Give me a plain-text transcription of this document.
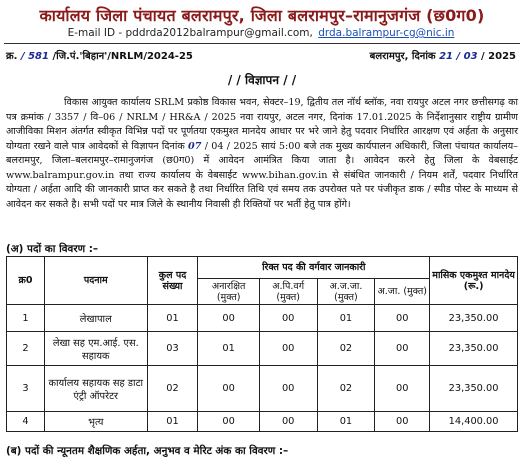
कार्यालय जिला पंचायत बलरामपुर, जिला बलरामपुर–रामानुजगंज (छ0ग0)
E-mail ID - pddrda2012balrampur@gmail.com, drda.balrampur-cg@nic.in
क्र. / 581 /जि.पं.'बिहान'/NRLM/2024-25	बलरामपुर, दिनांक 21 / 03 / 2025
/ / विज्ञापन / /
विकास आयुक्त कार्यालय SRLM प्रकोष्ठ विकास भवन, सेक्टर–19, द्वितीय तल नॉर्थ ब्लॉक, नवा रायपुर अटल नगर छत्तीसगढ़ का पत्र क्रमांक / 3357 / वि–06 / NRLM / HR&A / 2025 नवा रायपुर, अटल नगर, दिनांक 17.01.2025 के निर्देशानुसार राष्ट्रीय ग्रामीण आजीविका मिशन अंतर्गत स्वीकृत विभिन्न पदों पर पूर्णतया एकमुश्त मानदेय आधार पर भरे जाने हेतु पदवार निर्धारित आरक्षण एवं अर्हता के अनुसार योग्यता रखने वाले पात्र आवेदकों से विज्ञापन दिनांक 07 / 04 / 2025 सायं 5:00 बजे तक मुख्य कार्यपालन अधिकारी, जिला पंचायत कार्यालय– बलरामपुर, जिला–बलरामपुर–रामानुजगंज (छ0ग0) में आवेदन आमंत्रित किया जाता है। आवेदन करने हेतु जिला के वेबसाईट www.balrampur.gov.in तथा राज्य कार्यालय के वेबसाईट www.bihan.gov.in से संबंधित जानकारी / नियम शर्तें, पदवार निर्धारित योग्यता / अर्हता आदि की जानकारी प्राप्त कर सकते है तथा निर्धारित तिथि एवं समय तक उपरोक्त पते पर पंजीकृत डाक / स्पीड पोस्ट के माध्यम से आवेदन कर सकते है। सभी पदों पर मात्र जिले के स्थानीय निवासी ही रिक्तियों पर भर्ती हेतु पात्र होंगे।
(अ) पदों का विवरण :–
क्र0	पदनाम	कुल पद संख्या	रिक्त पद की वर्गवार जानकारी				मासिक एकमुश्त मानदेय (रू.)
			अनारक्षित (मुक्त)	अ.पि.वर्ग (मुक्त)	अ.ज.जा. (मुक्त)	अ.जा. (मुक्त)	
1	लेखापाल	01	00	00	01	00	23,350.00
2	लेखा सह एम.आई. एस. सहायक	03	01	00	02	00	23,350.00
3	कार्यालय सहायक सह डाटा एंट्री ऑपरेटर	02	00	00	02	00	23,350.00
4	भृत्य	01	00	00	01	00	14,400.00
(ब) पदों की न्यूनतम शैक्षणिक अर्हता, अनुभव व मेरिट अंक का विवरण :–
